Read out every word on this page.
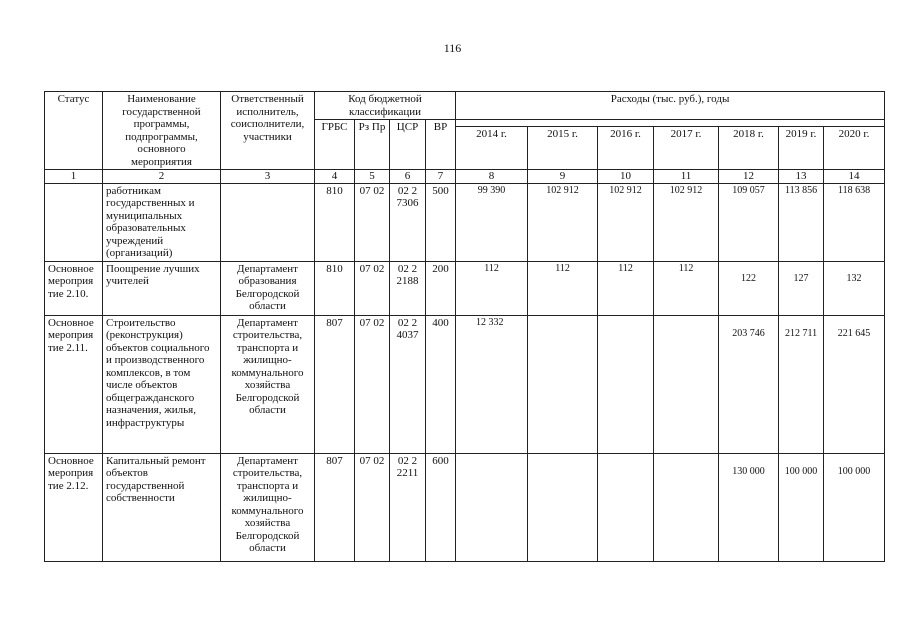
116
Статус	Наименование государственной программы, подпрограммы, основного мероприятия	Ответственный исполнитель, соисполнители, участники	Код бюджетной классификации				Расходы (тыс. руб.), годы						
			ГРБС	Рз Пр	ЦСР	ВР							
							2014 г.	2015 г.	2016 г.	2017 г.	2018 г.	2019 г.	2020 г.
1	2	3	4	5	6	7	8	9	10	11	12	13	14
	работникам государственных и муниципальных образовательных учреждений (организаций)		810	07 02	02 2 7306	500	99 390	102 912	102 912	102 912	109 057	113 856	118 638
Основное мероприя тие 2.10.	Поощрение лучших учителей	Департамент образования Белгородской области	810	07 02	02 2 2188	200	112	112	112	112	122	127	132
Основное мероприя тие 2.11.	Строительство (реконструкция) объектов социального и производственного комплексов, в том числе объектов общегражданского назначения, жилья, инфраструктуры	Департамент строительства, транспорта и жилищно-коммунального хозяйства Белгородской области	807	07 02	02 2 4037	400	12 332				203 746	212 711	221 645
Основное мероприя тие 2.12.	Капитальный ремонт объектов государственной собственности	Департамент строительства, транспорта и жилищно-коммунального хозяйства Белгородской области	807	07 02	02 2 2211	600					130 000	100 000	100 000
